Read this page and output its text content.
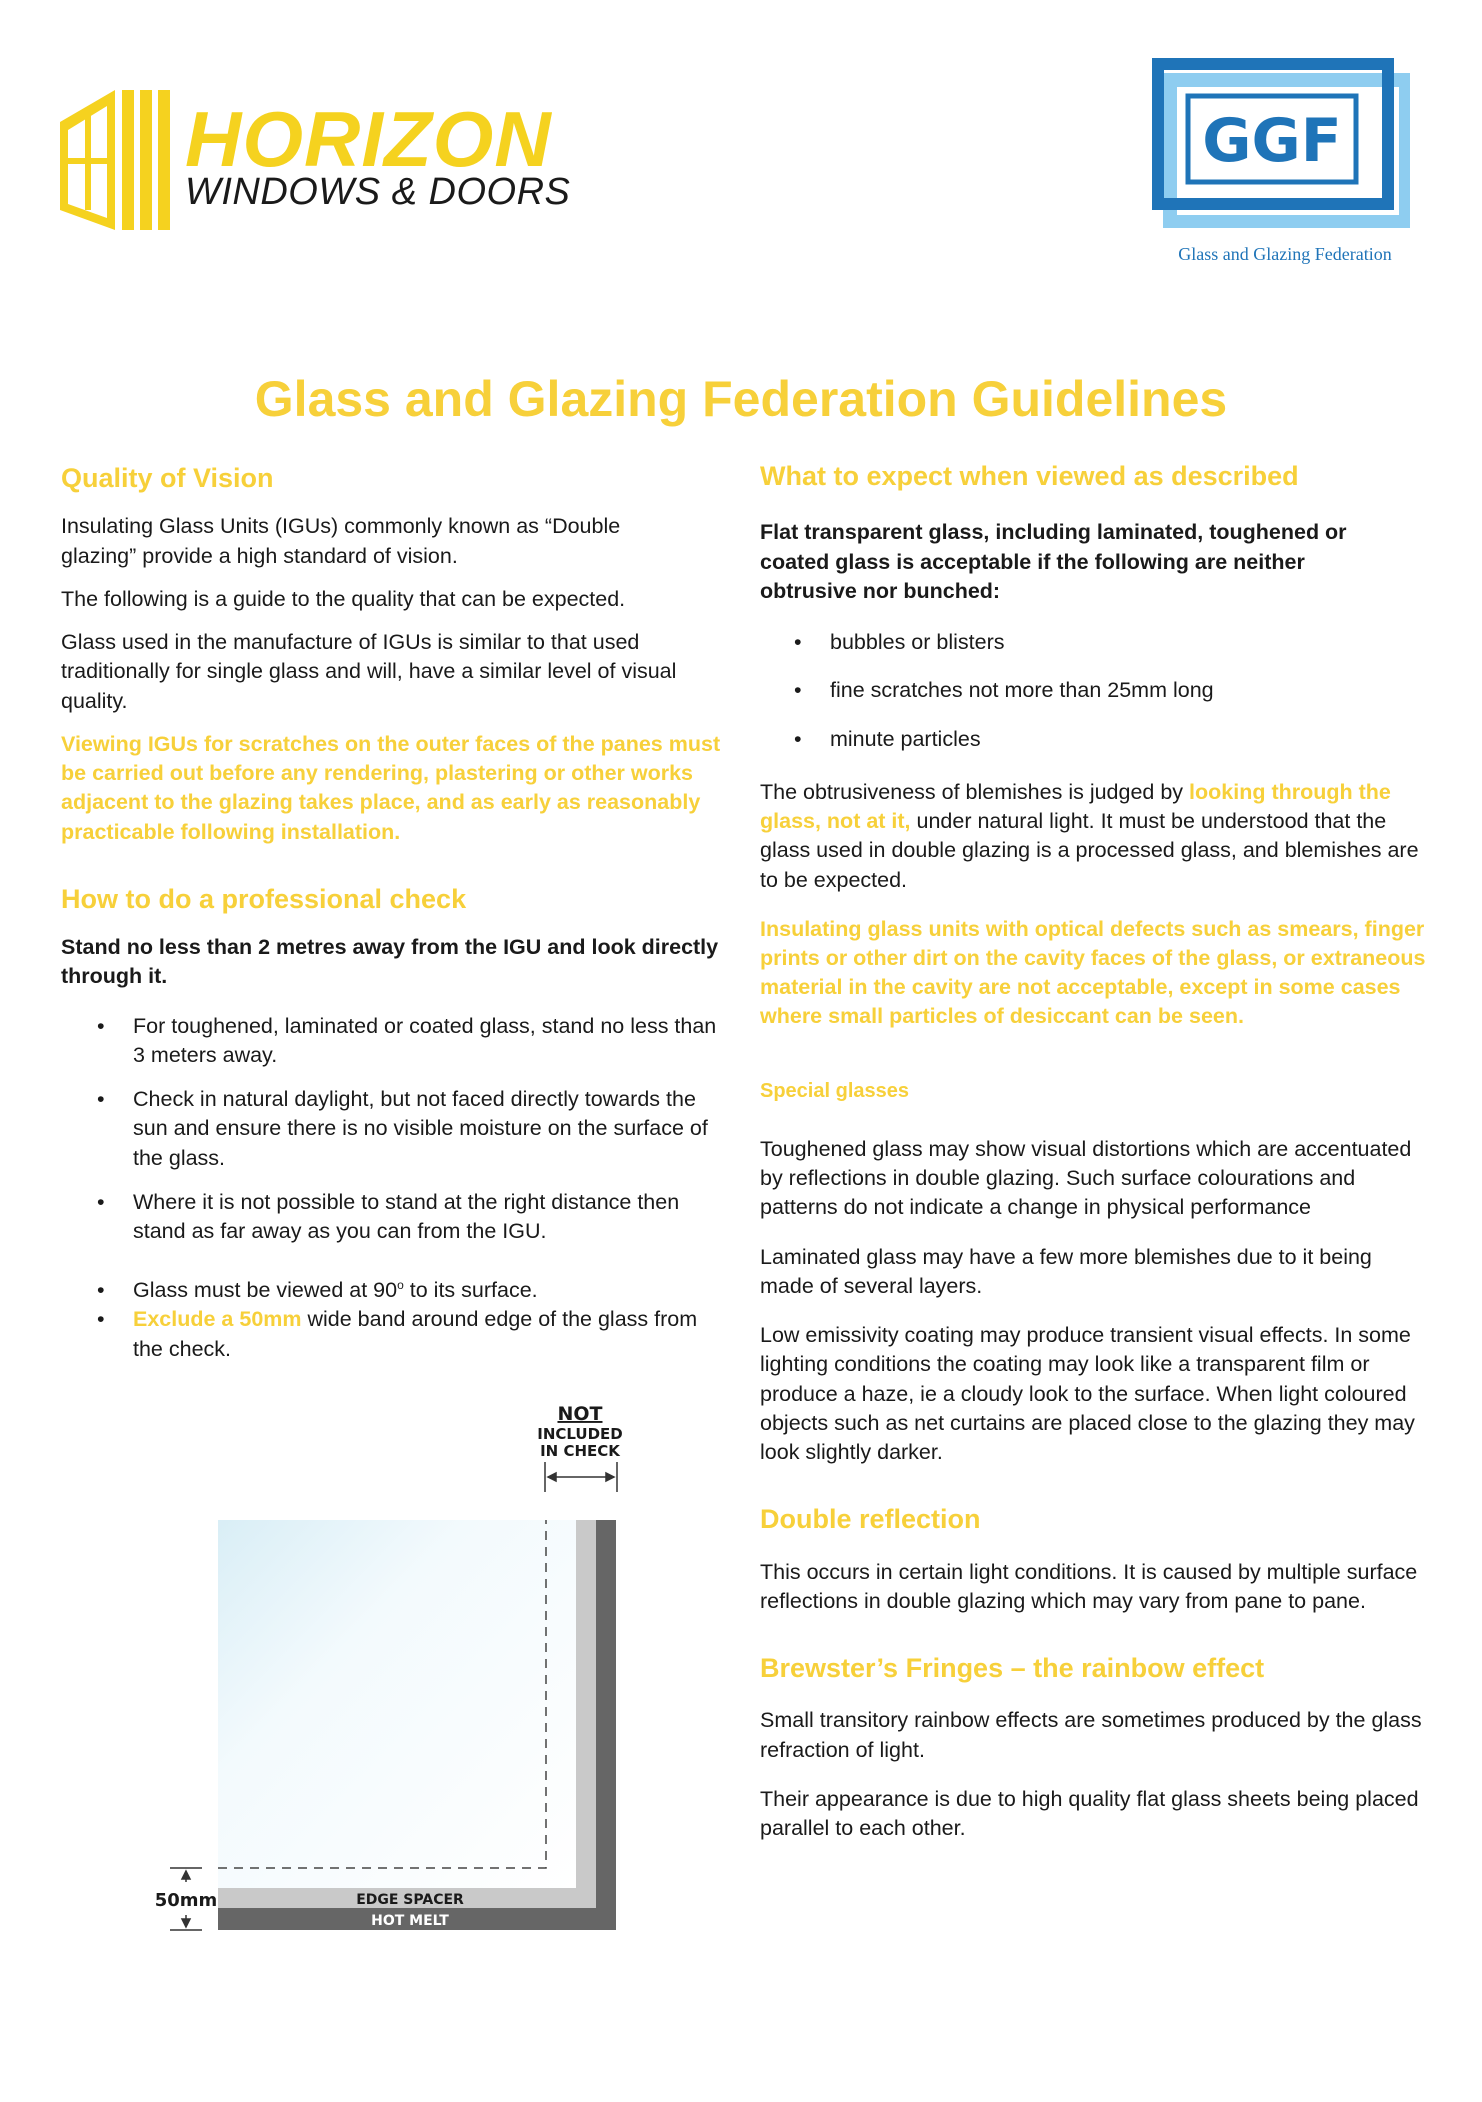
HORIZON
WINDOWS & DOORS
GGF
Glass and Glazing Federation
Glass and Glazing Federation Guidelines
Quality of Vision

Insulating Glass Units (IGUs) commonly known as “Double glazing” provide a high standard of vision.

The following is a guide to the quality that can be expected.

Glass used in the manufacture of IGUs is similar to that used traditionally for single glass and will, have a similar level of visual quality.

Viewing IGUs for scratches on the outer faces of the panes must be carried out before any rendering, plastering or other works adjacent to the glazing takes place, and as early as reasonably practicable following installation.

How to do a professional check

Stand no less than 2 metres away from the IGU and look directly through it.

• For toughened, laminated or coated glass, stand no less than 3 meters away.
• Check in natural daylight, but not faced directly towards the sun and ensure there is no visible moisture on the surface of the glass.
• Where it is not possible to stand at the right distance then stand as far away as you can from the IGU.
• Glass must be viewed at 90$^o$ to its surface.
• Exclude a 50mm wide band around edge of the glass from the check.
NOT
INCLUDED
IN CHECK
EDGE SPACER
HOT MELT
50mm
What to expect when viewed as described

Flat transparent glass, including laminated, toughened or coated glass is acceptable if the following are neither obtrusive nor bunched:

• bubbles or blisters
• fine scratches not more than 25mm long
• minute particles

The obtrusiveness of blemishes is judged by looking through the glass, not at it, under natural light. It must be understood that the glass used in double glazing is a processed glass, and blemishes are to be expected.

Insulating glass units with optical defects such as smears, finger prints or other dirt on the cavity faces of the glass, or extraneous material in the cavity are not acceptable, except in some cases where small particles of desiccant can be seen.

Special glasses

Toughened glass may show visual distortions which are accentuated by reflections in double glazing. Such surface colourations and patterns do not indicate a change in physical performance

Laminated glass may have a few more blemishes due to it being made of several layers.

Low emissivity coating may produce transient visual effects. In some lighting conditions the coating may look like a transparent film or produce a haze, ie a cloudy look to the surface. When light coloured objects such as net curtains are placed close to the glazing they may look slightly darker.

Double reflection

This occurs in certain light conditions. It is caused by multiple surface reflections in double glazing which may vary from pane to pane.

Brewster’s Fringes – the rainbow effect

Small transitory rainbow effects are sometimes produced by the glass refraction of light.

Their appearance is due to high quality flat glass sheets being placed parallel to each other.
